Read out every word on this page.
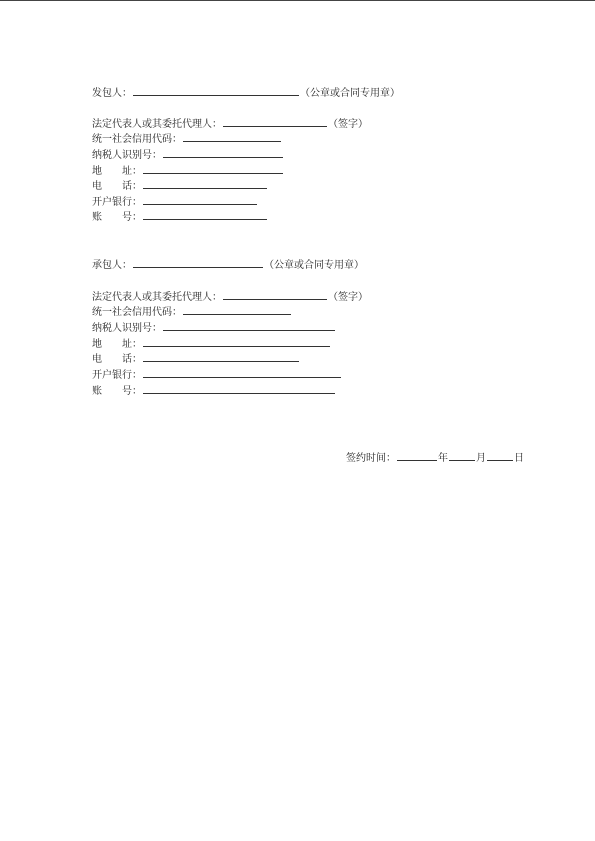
发包人：	（公章或合同专用章）
法定代表人或其委托代理人：	（签字）
统一社会信用代码：
纳税人识别号：
地　　址：
电　　话：
开户银行：
账　　号：
承包人：	（公章或合同专用章）
法定代表人或其委托代理人：	（签字）
统一社会信用代码：
纳税人识别号：
地　　址：
电　　话：
开户银行：
账　　号：
签约时间：	年	月	日
